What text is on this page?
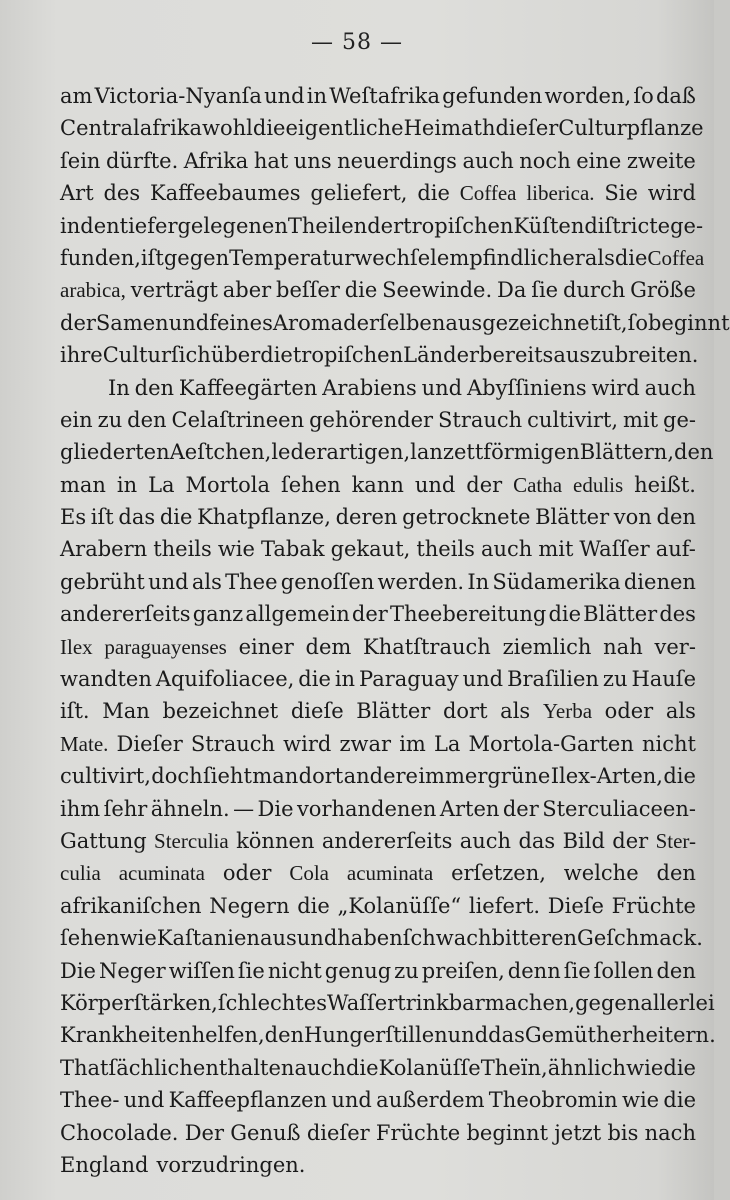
— 58 —
am Victoria-Nyanſa und in Weſtafrika gefunden worden, ſo daß
Centralafrika wohl die eigentliche Heimath dieſer Culturpflanze
ſein dürfte. Afrika hat uns neuerdings auch noch eine zweite
Art des Kaffeebaumes geliefert, die Coffea liberica. Sie wird
in den tiefer gelegenen Theilen der tropiſchen Küſtendiſtricte ge-
funden, iſt gegen Temperaturwechſel empfindlicher als die Coffea
arabica, verträgt aber beſſer die Seewinde. Da ſie durch Größe
der Samen und feines Aroma derſelben ausgezeichnet iſt, ſo beginnt
ihre Cultur ſich über die tropiſchen Länder bereits auszubreiten.
In den Kaffeegärten Arabiens und Abyſſiniens wird auch
ein zu den Celaſtrineen gehörender Strauch cultivirt, mit ge-
gliederten Aeſtchen, lederartigen, lanzettförmigen Blättern, den
man in La Mortola ſehen kann und der Catha edulis heißt.
Es iſt das die Khatpflanze, deren getrocknete Blätter von den
Arabern theils wie Tabak gekaut, theils auch mit Waſſer auf-
gebrüht und als Thee genoſſen werden. In Südamerika dienen
andererſeits ganz allgemein der Theebereitung die Blätter des
Ilex paraguayenses einer dem Khatſtrauch ziemlich nah ver-
wandten Aquifoliacee, die in Paraguay und Braſilien zu Hauſe
iſt. Man bezeichnet dieſe Blätter dort als Yerba oder als
Mate. Dieſer Strauch wird zwar im La Mortola-Garten nicht
cultivirt, doch ſieht man dort andere immergrüne Ilex-Arten, die
ihm ſehr ähneln. — Die vorhandenen Arten der Sterculiaceen-
Gattung Sterculia können andererſeits auch das Bild der Ster-
culia acuminata oder Cola acuminata erſetzen, welche den
afrikaniſchen Negern die „Kolanüſſe“ liefert. Dieſe Früchte
ſehen wie Kaſtanien aus und haben ſchwach bitteren Geſchmack.
Die Neger wiſſen ſie nicht genug zu preiſen, denn ſie ſollen den
Körper ſtärken, ſchlechtes Waſſer trinkbar machen, gegen allerlei
Krankheiten helfen, den Hunger ſtillen und das Gemüth erheitern.
Thatſächlich enthalten auch die Kolanüſſe Theïn, ähnlich wie die
Thee- und Kaffeepflanzen und außerdem Theobromin wie die
Chocolade. Der Genuß dieſer Früchte beginnt jetzt bis nach
England vorzudringen.
